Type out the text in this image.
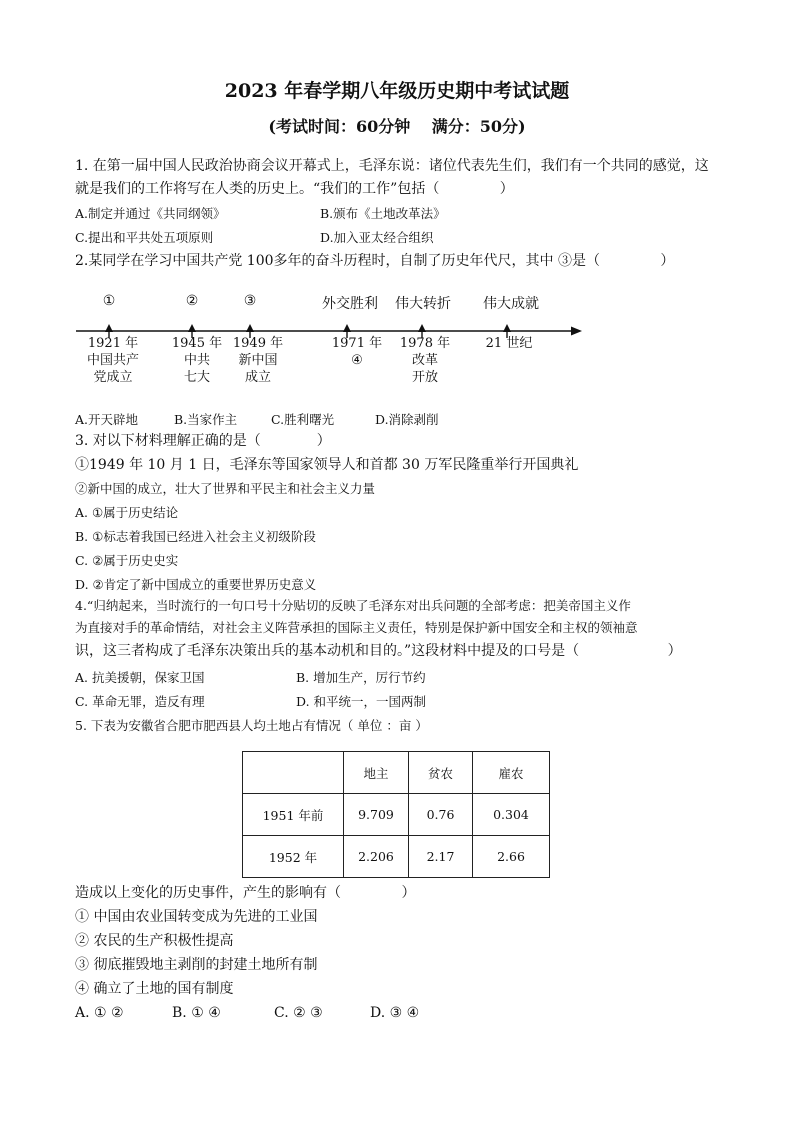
2023 年春学期八年级历史期中考试试题
(考试时间：60分钟　 满分：50分)
1. 在第一届中国人民政治协商会议开幕式上，毛泽东说：诸位代表先生们，我们有一个共同的感觉，这
就是我们的工作将写在人类的历史上。“我们的工作”包括（　　　　 ）
A.制定并通过《共同纲领》	B.颁布《土地改革法》
C.提出和平共处五项原则	D.加入亚太经合组织
2.某同学在学习中国共产党 100多年的奋斗历程时，自制了历史年代尺，其中 ③是（　　　　 ）
①	②	③	外交胜利 伟大转折 伟大成就
1921 年
中国共产
党成立
1945 年
中共
七大
1949 年
新中国
成立
1971 年
④
1978 年
改革
开放
21 世纪
A.开天辟地	B.当家作主	C.胜利曙光	D.消除剥削
3. 对以下材料理解正确的是（　　　　）
①1949 年 10 月 1 日，毛泽东等国家领导人和首都 30 万军民隆重举行开国典礼
②新中国的成立，壮大了世界和平民主和社会主义力量
A. ①属于历史结论
B. ①标志着我国已经进入社会主义初级阶段
C. ②属于历史史实
D. ②肯定了新中国成立的重要世界历史意义
4.“归纳起来，当时流行的一句口号十分贴切的反映了毛泽东对出兵问题的全部考虑：把美帝国主义作
为直接对手的革命情结，对社会主义阵营承担的国际主义责任，特别是保护新中国安全和主权的领袖意
识，这三者构成了毛泽东决策出兵的基本动机和目的。”这段材料中提及的口号是（　　　　　　 ）
A. 抗美援朝，保家卫国	B. 增加生产，厉行节约
C. 革命无罪，造反有理	D. 和平统一，一国两制
5. 下表为安徽省合肥市肥西县人均土地占有情况（ 单位 ：亩 ）
	地主	贫农	雇农
1951 年前	9.709	0.76	0.304
1952 年	2.206	2.17	2.66
造成以上变化的历史事件，产生的影响有（　　　　 ）
① 中国由农业国转变成为先进的工业国
② 农民的生产积极性提高
③ 彻底摧毁地主剥削的封建土地所有制
④ 确立了土地的国有制度
A. ① ②	B. ① ④	C. ② ③	D. ③ ④
